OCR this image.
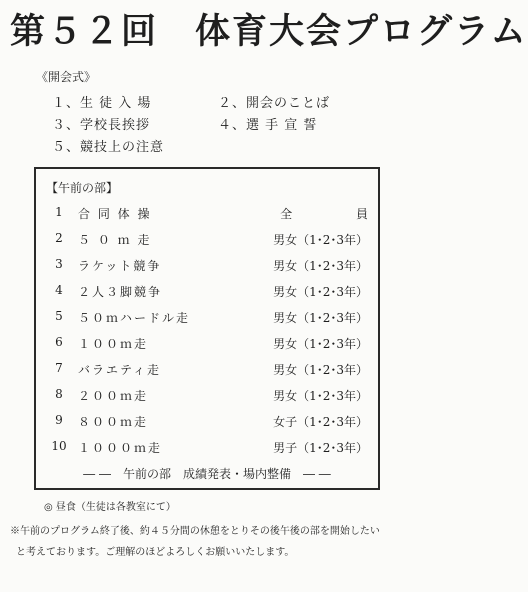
第５２回　体育大会プログラム
《開会式》
１、生 徒 入 場	２、開会のことば
３、学校長挨拶	４、選 手 宣 誓
５、競技上の注意
【午前の部】
1	合 同 体 操	全 員
2	５ ０ ｍ 走	男女（1･2･3年）
3	ラケット競争	男女（1･2･3年）
4	２人３脚競争	男女（1･2･3年）
5	５０ｍハードル走	男女（1･2･3年）
6	１００ｍ走	男女（1･2･3年）
7	バラエティ走	男女（1･2･3年）
8	２００ｍ走	男女（1･2･3年）
9	８００ｍ走	女子（1･2･3年）
10 １０００ｍ走	男子（1･2･3年）
― ―　午前の部　成績発表・場内整備　― ―
◎ 昼食（生徒は各教室にて）
※午前のプログラム終了後、約４５分間の休憩をとりその後午後の部を開始したい
と考えております。ご理解のほどよろしくお願いいたします。
